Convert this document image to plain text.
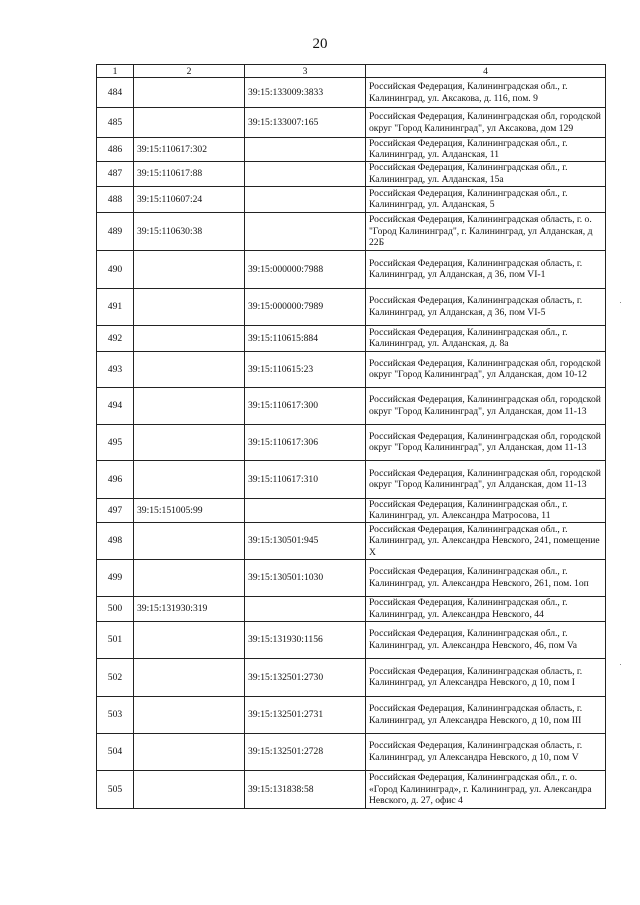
20
1	2	3	4
484		39:15:133009:3833	Российская Федерация, Калининградская обл., г. Калининград, ул. Аксакова, д. 116, пом. 9
485		39:15:133007:165	Российская Федерация, Калининградская обл, городской округ "Город Калининград", ул Аксакова, дом 129
486	39:15:110617:302		Российская Федерация, Калининградская обл., г. Калининград, ул. Алданская, 11
487	39:15:110617:88		Российская Федерация, Калининградская обл., г. Калининград, ул. Алданская, 15а
488	39:15:110607:24		Российская Федерация, Калининградская обл., г. Калининград, ул. Алданская, 5
489	39:15:110630:38		Российская Федерация, Калининградская область, г. о. "Город Калининград", г. Калининград, ул Алданская, д 22Б
490		39:15:000000:7988	Российская Федерация, Калининградская область, г. Калининград, ул Алданская, д 36, пом VI-1
491		39:15:000000:7989	Российская Федерация, Калининградская область, г. Калининград, ул Алданская, д 36, пом VI-5
492		39:15:110615:884	Российская Федерация, Калининградская обл., г. Калининград, ул. Алданская, д. 8а
493		39:15:110615:23	Российская Федерация, Калининградская обл, городской округ "Город Калининград", ул Алданская, дом 10-12
494		39:15:110617:300	Российская Федерация, Калининградская обл, городской округ "Город Калининград", ул Алданская, дом 11-13
495		39:15:110617:306	Российская Федерация, Калининградская обл, городской округ "Город Калининград", ул Алданская, дом 11-13
496		39:15:110617:310	Российская Федерация, Калининградская обл, городской округ "Город Калининград", ул Алданская, дом 11-13
497	39:15:151005:99		Российская Федерация, Калининградская обл., г. Калининград, ул. Александра Матросова, 11
498		39:15:130501:945	Российская Федерация, Калининградская обл., г. Калининград, ул. Александра Невского, 241, помещение X
499		39:15:130501:1030	Российская Федерация, Калининградская обл., г. Калининград, ул. Александра Невского, 261, пом. 1оп
500	39:15:131930:319		Российская Федерация, Калининградская обл., г. Калининград, ул. Александра Невского, 44
501		39:15:131930:1156	Российская Федерация, Калининградская обл., г. Калининград, ул. Александра Невского, 46, пом Va
502		39:15:132501:2730	Российская Федерация, Калининградская область, г. Калининград, ул Александра Невского, д 10, пом I
503		39:15:132501:2731	Российская Федерация, Калининградская область, г. Калининград, ул Александра Невского, д 10, пом III
504		39:15:132501:2728	Российская Федерация, Калининградская область, г. Калининград, ул Александра Невского, д 10, пом V
505		39:15:131838:58	Российская Федерация, Калининградская обл., г. о. «Город Калининград», г. Калининград, ул. Александра Невского, д. 27, офис 4
